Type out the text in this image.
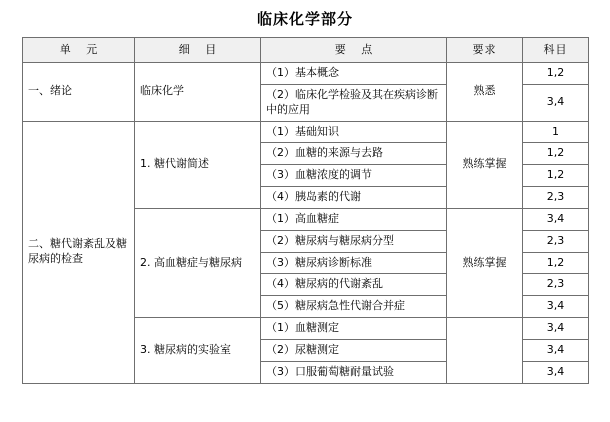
临床化学部分
单 元	细 目	要 点	要求	科目
一、绪论	临床化学	（1）基本概念	熟悉	1,2
		（2）临床化学检验及其在疾病诊断中的应用		3,4
二、糖代谢紊乱及糖尿病的检查	1. 糖代谢简述	（1）基础知识	熟练掌握	1
		（2）血糖的来源与去路		1,2
		（3）血糖浓度的调节		1,2
		（4）胰岛素的代谢		2,3
	2. 高血糖症与糖尿病	（1）高血糖症	熟练掌握	3,4
		（2）糖尿病与糖尿病分型		2,3
		（3）糖尿病诊断标准		1,2
		（4）糖尿病的代谢紊乱		2,3
		（5）糖尿病急性代谢合并症		3,4
	3. 糖尿病的实验室	（1）血糖测定		3,4
		（2）尿糖测定		3,4
		（3）口服葡萄糖耐量试验		3,4
